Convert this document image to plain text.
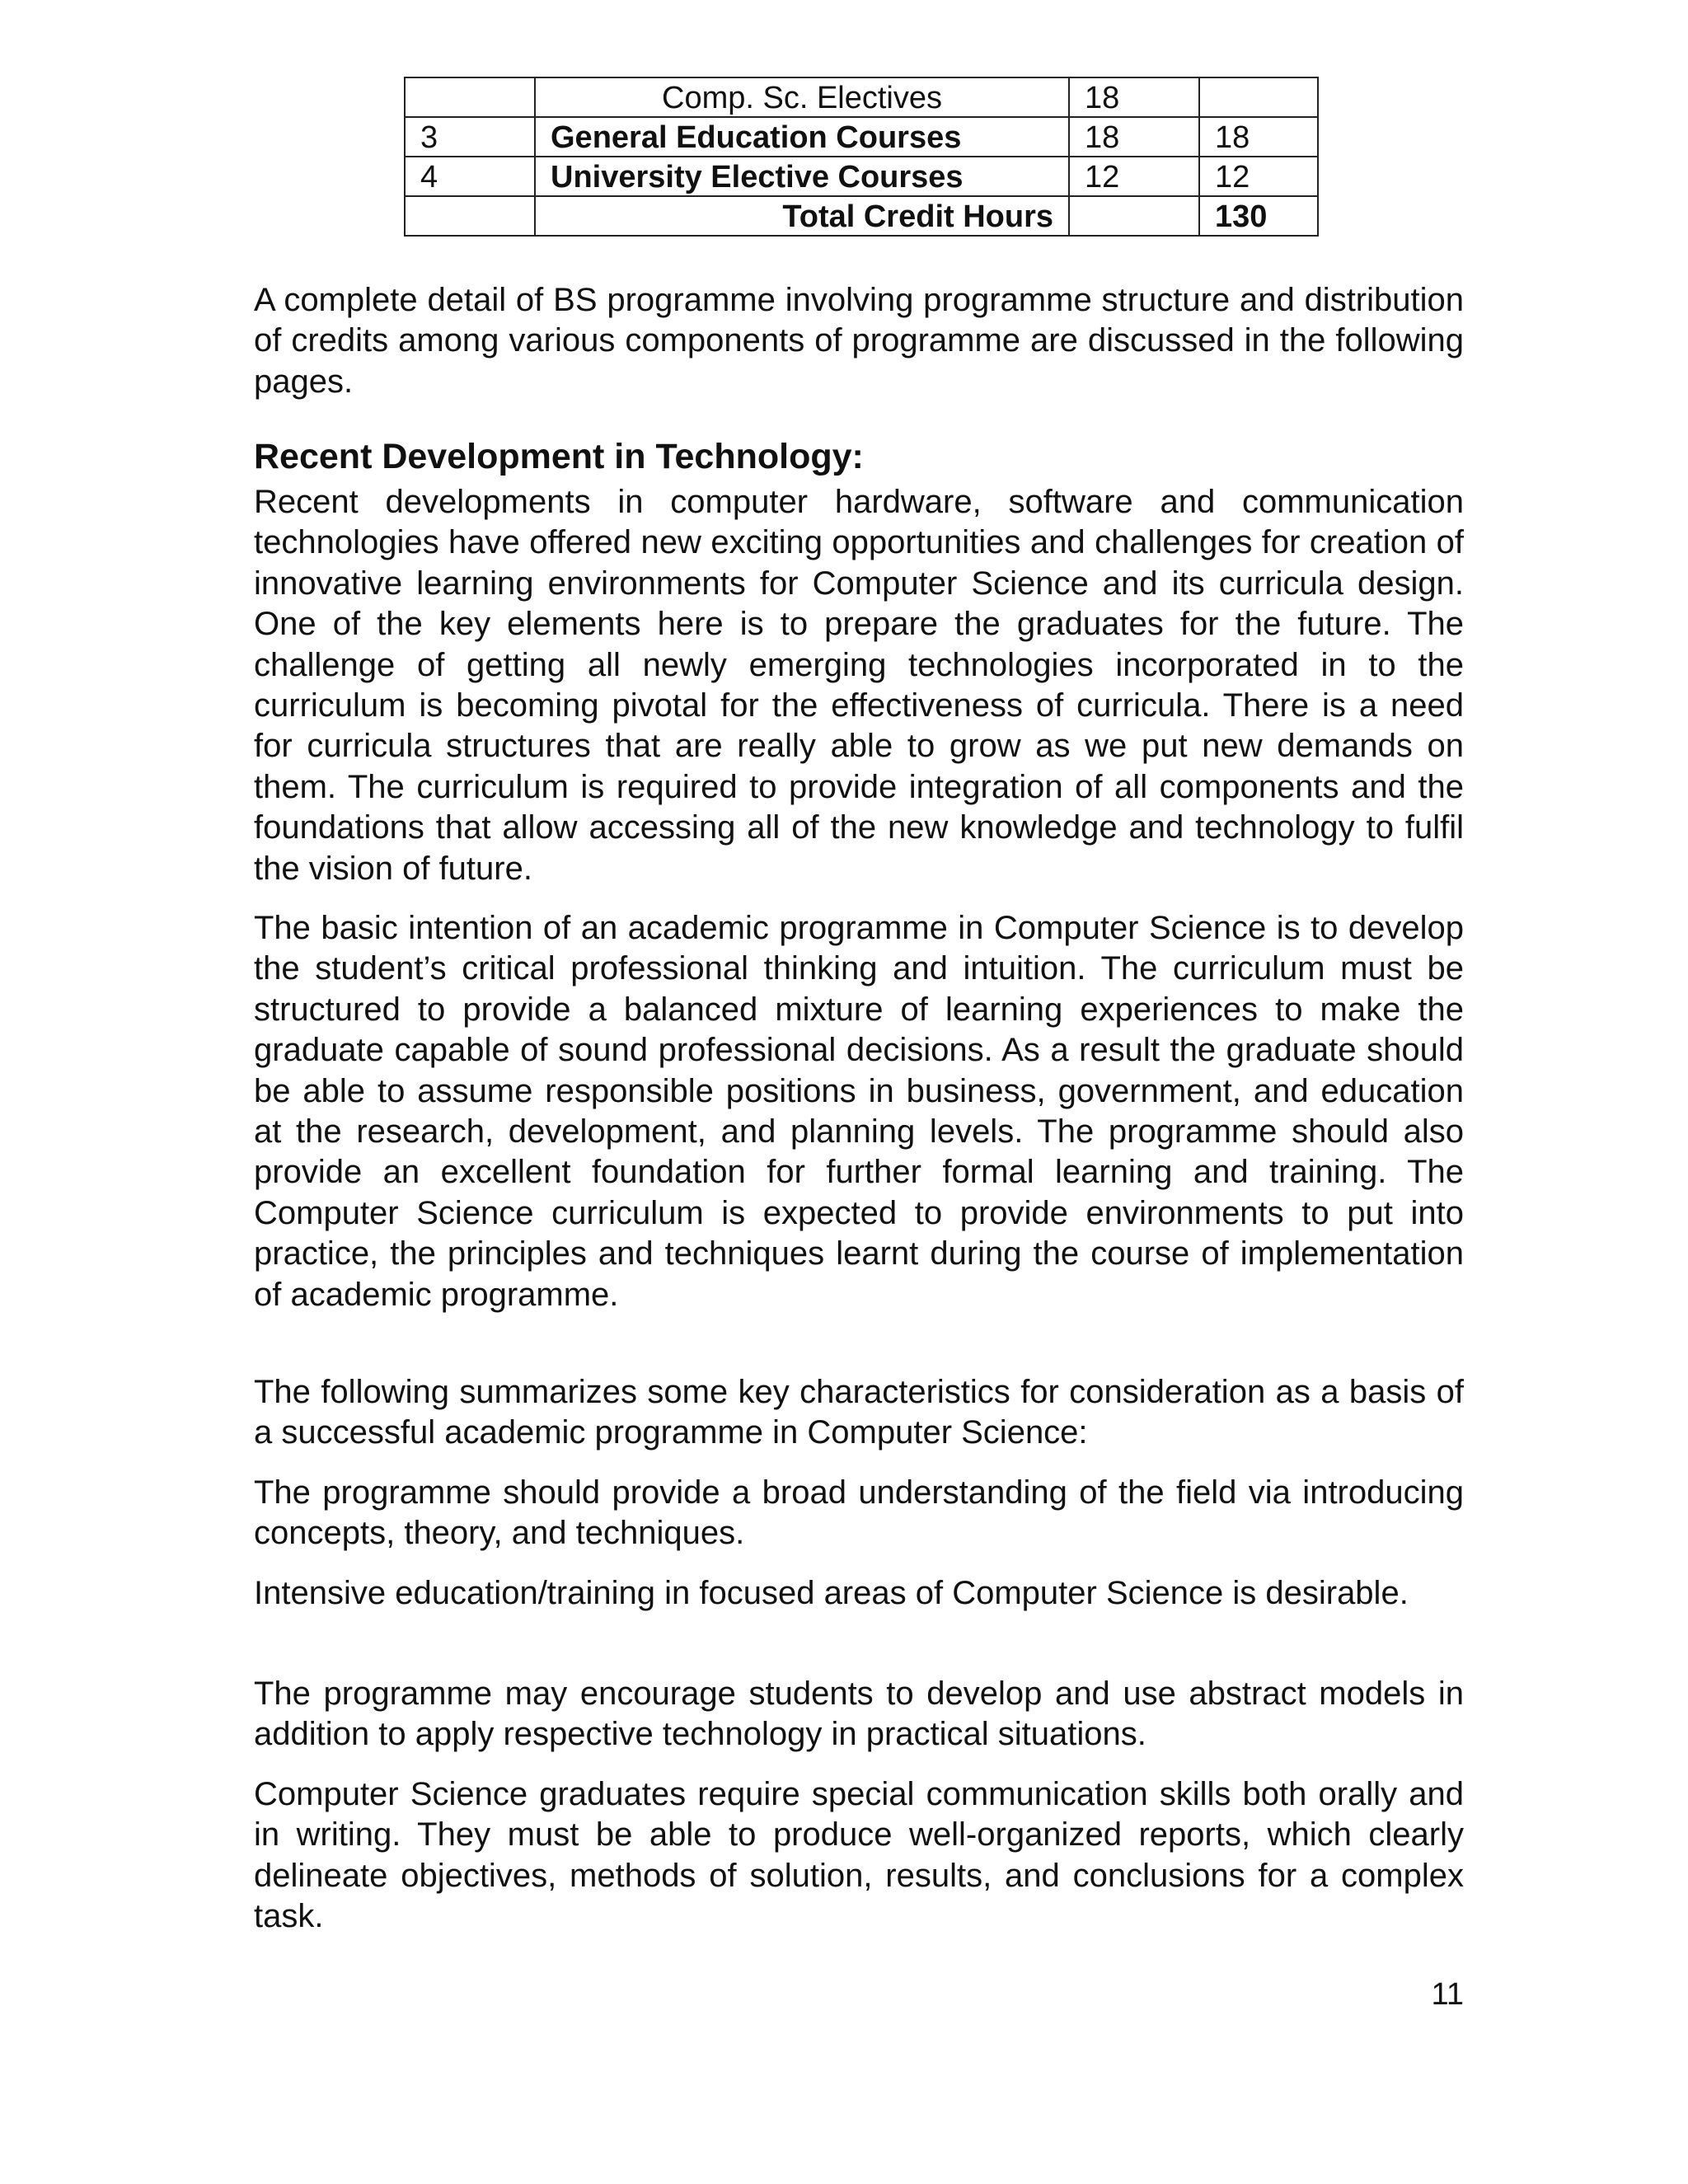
	Comp. Sc. Electives	18	
3	General Education Courses	18	18
4	University Elective Courses	12	12
	Total Credit Hours		130

A complete detail of BS programme involving programme structure and distribution of credits among various components of programme are discussed in the following pages.

Recent Development in Technology:

Recent developments in computer hardware, software and communication technologies have offered new exciting opportunities and challenges for creation of innovative learning environments for Computer Science and its curricula design. One of the key elements here is to prepare the graduates for the future. The challenge of getting all newly emerging technologies incorporated in to the curriculum is becoming pivotal for the effectiveness of curricula. There is a need for curricula structures that are really able to grow as we put new demands on them. The curriculum is required to provide integration of all components and the foundations that allow accessing all of the new knowledge and technology to fulfil the vision of future.

The basic intention of an academic programme in Computer Science is to develop the student’s critical professional thinking and intuition. The curriculum must be structured to provide a balanced mixture of learning experiences to make the graduate capable of sound professional decisions. As a result the graduate should be able to assume responsible positions in business, government, and education at the research, development, and planning levels. The programme should also provide an excellent foundation for further formal learning and training. The Computer Science curriculum is expected to provide environments to put into practice, the principles and techniques learnt during the course of implementation of academic programme.

The following summarizes some key characteristics for consideration as a basis of a successful academic programme in Computer Science:

The programme should provide a broad understanding of the field via introducing concepts, theory, and techniques.

Intensive education/training in focused areas of Computer Science is desirable.

The programme may encourage students to develop and use abstract models in addition to apply respective technology in practical situations.

Computer Science graduates require special communication skills both orally and in writing. They must be able to produce well-organized reports, which clearly delineate objectives, methods of solution, results, and conclusions for a complex task.

11
